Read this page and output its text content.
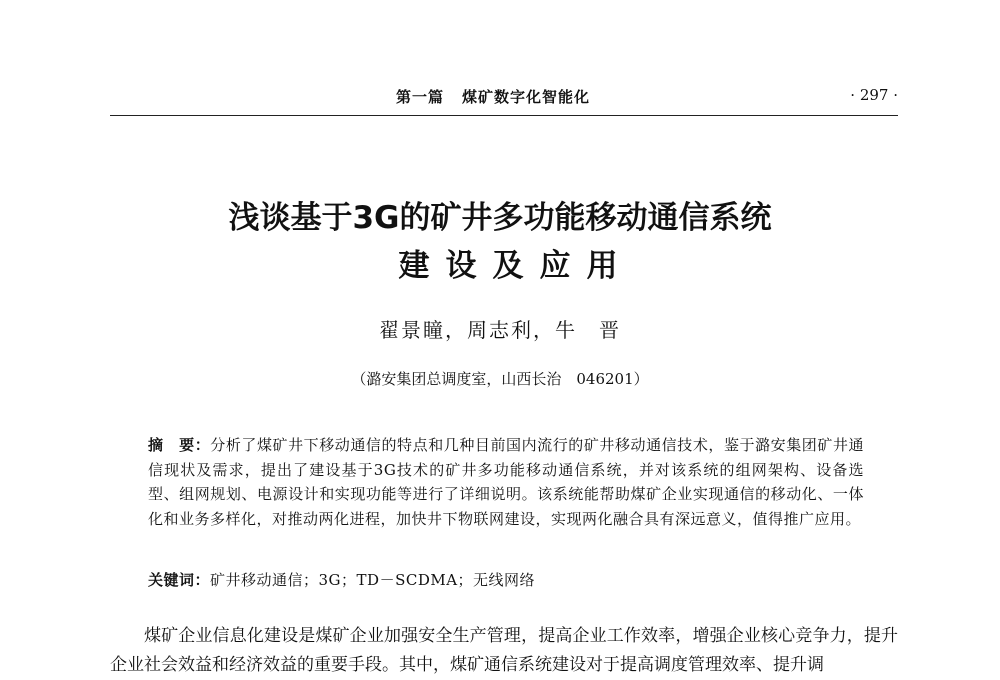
第一篇 煤矿数字化智能化	· 297 ·
浅谈基于3G的矿井多功能移动通信系统
建设及应用
翟景瞳，周志利，牛　晋
（潞安集团总调度室，山西长治　046201）
摘　要：分析了煤矿井下移动通信的特点和几种目前国内流行的矿井移动通信技术，鉴于潞安集团矿井通信现状及需求，提出了建设基于3G技术的矿井多功能移动通信系统，并对该系统的组网架构、设备选型、组网规划、电源设计和实现功能等进行了详细说明。该系统能帮助煤矿企业实现通信的移动化、一体化和业务多样化，对推动两化进程，加快井下物联网建设，实现两化融合具有深远意义，值得推广应用。
关键词：矿井移动通信；3G；TD－SCDMA；无线网络
煤矿企业信息化建设是煤矿企业加强安全生产管理，提高企业工作效率，增强企业核心竞争力，提升企业社会效益和经济效益的重要手段。其中，煤矿通信系统建设对于提高调度管理效率、提升调
